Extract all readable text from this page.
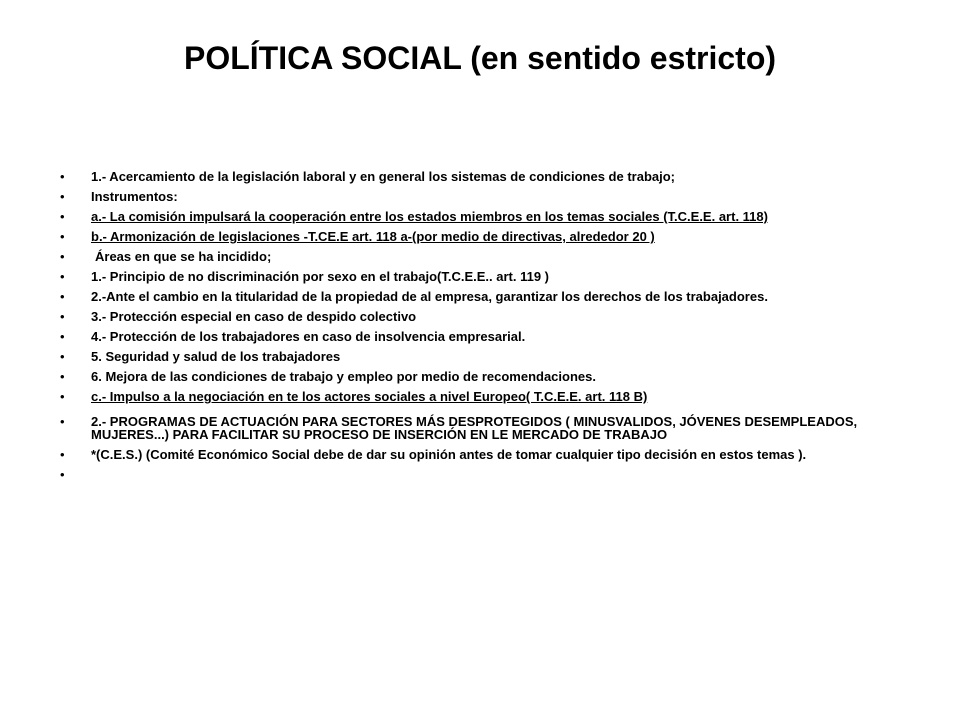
POLÍTICA SOCIAL (en sentido estricto)
• 1.- Acercamiento de la legislación laboral y en general los sistemas de condiciones de trabajo;
• Instrumentos:
• a.- La comisión impulsará la cooperación entre los estados miembros en los temas sociales (T.C.E.E. art. 118)
• b.- Armonización de legislaciones -T.CE.E art. 118 a-(por medio de directivas, alrededor 20 )
• Áreas en que se ha incidido;
• 1.- Principio de no discriminación por sexo en el trabajo(T.C.E.E.. art. 119 )
• 2.-Ante el cambio en la titularidad de la propiedad de al empresa, garantizar los derechos de los trabajadores.
• 3.- Protección especial en caso de despido colectivo
• 4.- Protección de los trabajadores en caso de insolvencia empresarial.
• 5. Seguridad y salud de los trabajadores
• 6. Mejora de las condiciones de trabajo y empleo por medio de recomendaciones.
• c.- Impulso a la negociación en te los actores sociales a nivel Europeo( T.C.E.E. art. 118 B)
• 2.- PROGRAMAS DE ACTUACIÓN PARA SECTORES MÁS DESPROTEGIDOS ( MINUSVALIDOS, JÓVENES DESEMPLEADOS, MUJERES...) PARA FACILITAR SU PROCESO DE INSERCIÓN EN LE MERCADO DE TRABAJO
• *(C.E.S.) (Comité Económico Social debe de dar su opinión antes de tomar cualquier tipo decisión en estos temas ).
•
